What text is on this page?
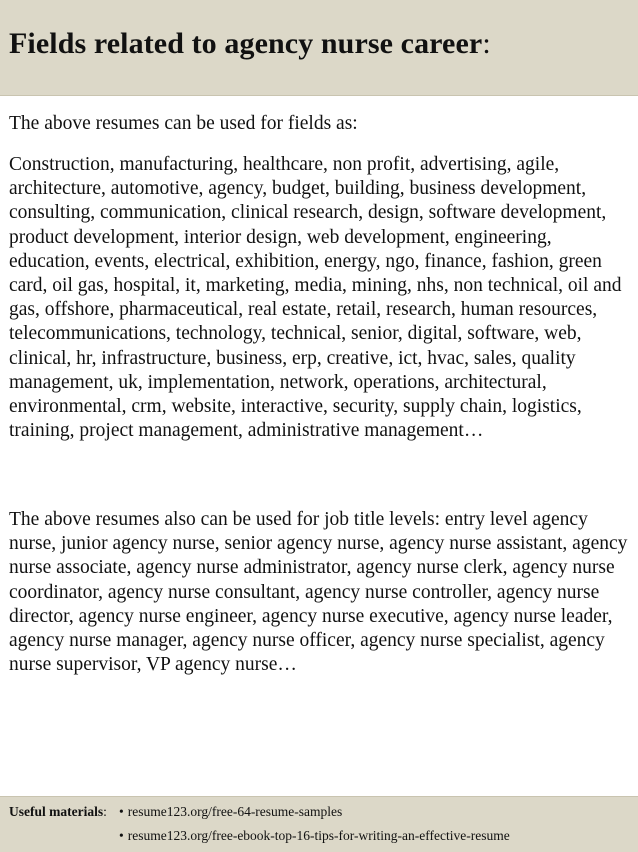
Fields related to agency nurse career:
The above resumes can be used for fields as:
Construction, manufacturing, healthcare, non profit, advertising, agile, architecture, automotive, agency, budget, building, business development, consulting, communication, clinical research, design, software development, product development, interior design, web development, engineering, education, events, electrical, exhibition, energy, ngo, finance, fashion, green card, oil gas, hospital, it, marketing, media, mining, nhs, non technical, oil and gas, offshore, pharmaceutical, real estate, retail, research, human resources, telecommunications, technology, technical, senior, digital, software, web, clinical, hr, infrastructure, business, erp, creative, ict, hvac, sales, quality management, uk, implementation, network, operations, architectural, environmental, crm, website, interactive, security, supply chain, logistics, training, project management, administrative management…
The above resumes also can be used for job title levels: entry level agency nurse, junior agency nurse, senior agency nurse, agency nurse assistant, agency nurse associate, agency nurse administrator, agency nurse clerk, agency nurse coordinator, agency nurse consultant, agency nurse controller, agency nurse director, agency nurse engineer, agency nurse executive, agency nurse leader, agency nurse manager, agency nurse officer, agency nurse specialist, agency nurse supervisor, VP agency nurse…
Useful materials: • resume123.org/free-64-resume-samples
• resume123.org/free-ebook-top-16-tips-for-writing-an-effective-resume
